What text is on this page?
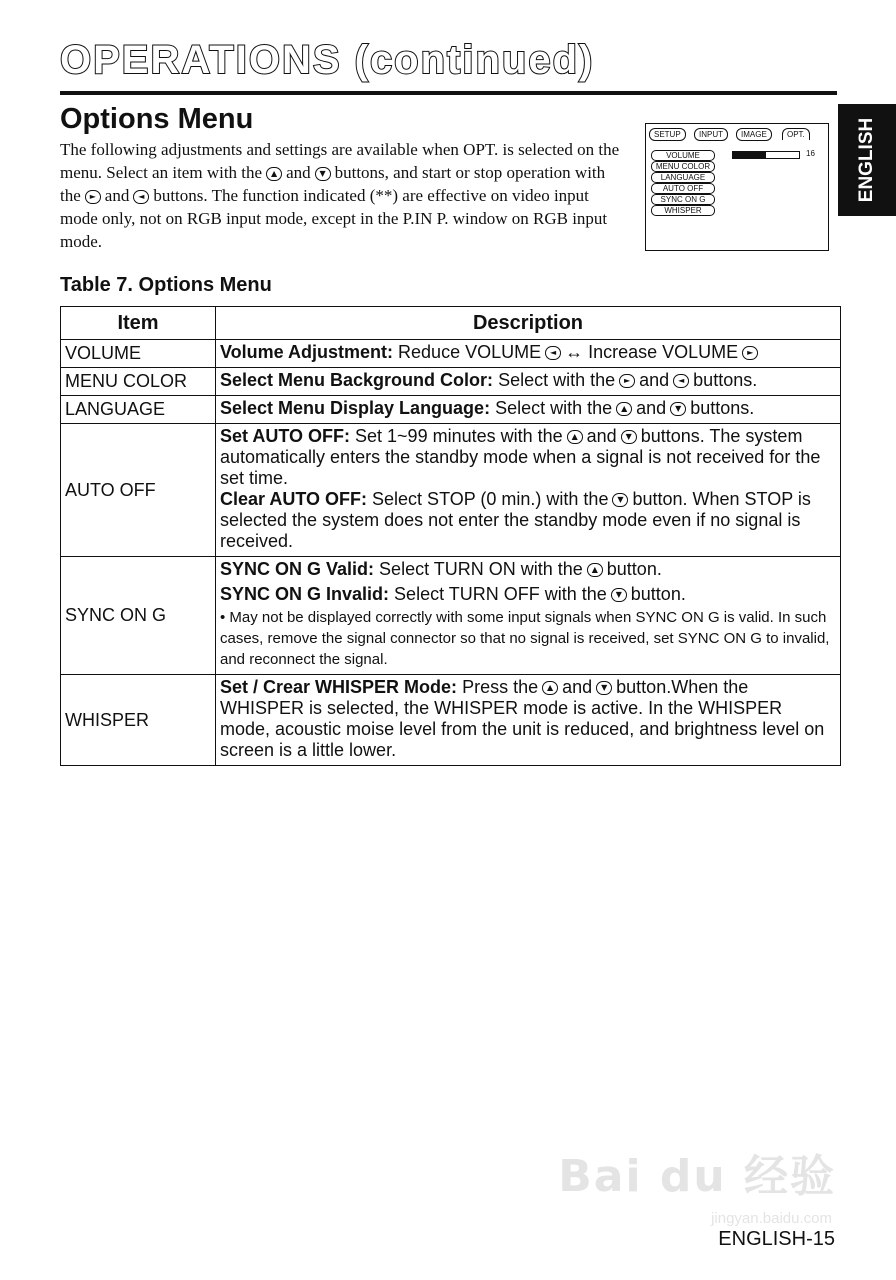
OPERATIONS (continued)
ENGLISH
Options Menu
The following adjustments and settings are available when OPT. is selected on the menu. Select an item with the ▲ and ▼ buttons, and start or stop operation with the ► and ◄ buttons. The function indicated (**) are effective on video input mode only, not on RGB input mode, except in the P.IN P. window on RGB input mode.
SETUP	INPUT	IMAGE	OPT.
VOLUME
MENU COLOR
LANGUAGE
AUTO OFF
SYNC ON G
WHISPER
16
Table 7. Options Menu
Item	Description
VOLUME	Volume Adjustment: Reduce VOLUME ◄ ↔ Increase VOLUME ►
MENU COLOR	Select Menu Background Color: Select with the ► and ◄ buttons.
LANGUAGE	Select Menu Display Language: Select with the ▲ and ▼ buttons.
AUTO OFF	Set AUTO OFF: Set 1~99 minutes with the ▲ and ▼ buttons. The system automatically enters the standby mode when a signal is not received for the set time.
Clear AUTO OFF: Select STOP (0 min.) with the ▼ button. When STOP is selected the system does not enter the standby mode even if no signal is received.

SYNC ON G	SYNC ON G Valid: Select TURN ON with the ▲ button.
SYNC ON G Invalid: Select TURN OFF with the ▼ button.
• May not be displayed correctly with some input signals when SYNC ON G is valid. In such cases, remove the signal connector so that no signal is received, set SYNC ON G to invalid, and reconnect the signal.

WHISPER	Set / Crear WHISPER Mode: Press the ▲ and ▼ button.When the WHISPER is selected, the WHISPER mode is active. In the WHISPER mode, acoustic moise level from the unit is reduced, and brightness level on screen is a little lower.
Bai du 经验
jingyan.baidu.com
ENGLISH-15
